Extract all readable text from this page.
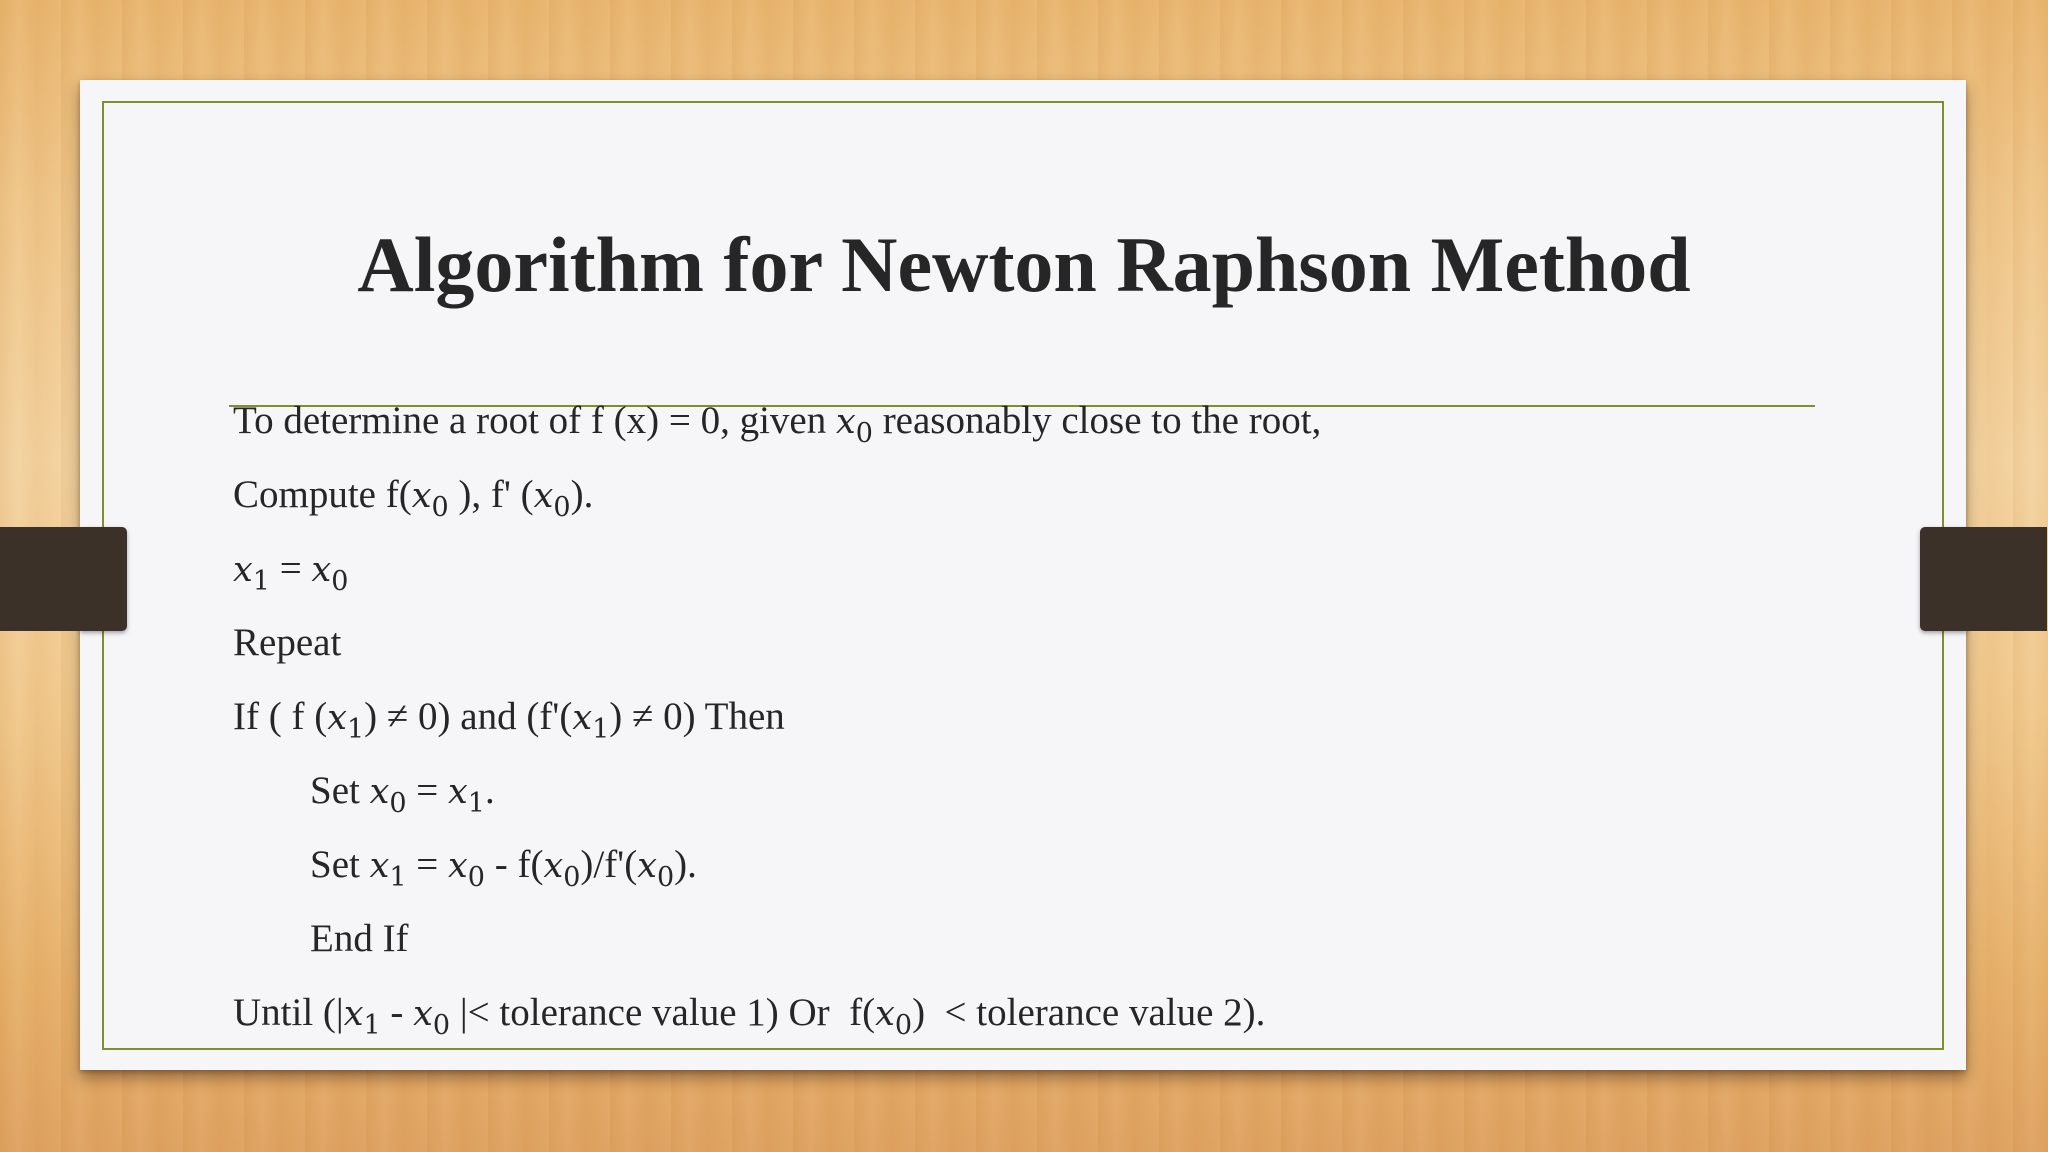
Algorithm for Newton Raphson Method
To determine a root of f (x) = 0, given $x_0$ reasonably close to the root,
Compute $f(x_0$ ), f' $(x_0)$.
$x_1 = x_0$
Repeat
If ( f $(x_1) \ne 0$) and $(f'(x_1) \ne 0)$ Then
Set $x_0 = x_1$.
Set $x_1 = x_0 - f(x_0)/f'(x_0)$.
End If
Until ($|x_1 - x_0$ |< tolerance value 1) Or  $f(x_0)$  < tolerance value 2).
